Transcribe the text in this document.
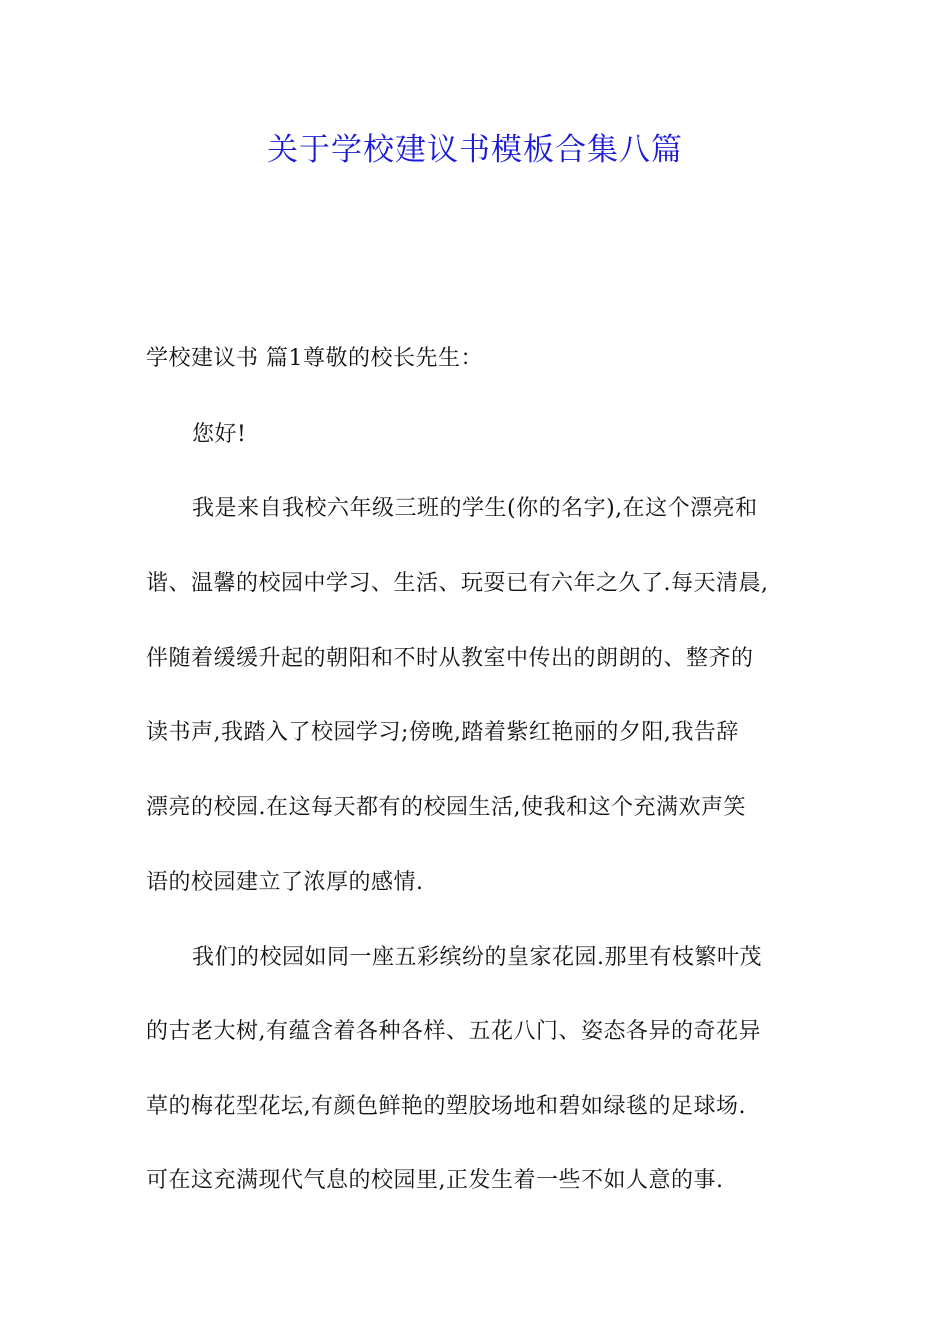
关于学校建议书模板合集八篇

学校建议书 篇1尊敬的校长先生：

您好!

我是来自我校六年级三班的学生(你的名字),在这个漂亮和

谐、温馨的校园中学习、生活、玩耍已有六年之久了.每天清晨,

伴随着缓缓升起的朝阳和不时从教室中传出的朗朗的、整齐的

读书声,我踏入了校园学习;傍晚,踏着紫红艳丽的夕阳,我告辞

漂亮的校园.在这每天都有的校园生活,使我和这个充满欢声笑

语的校园建立了浓厚的感情.

我们的校园如同一座五彩缤纷的皇家花园.那里有枝繁叶茂

的古老大树,有蕴含着各种各样、五花八门、姿态各异的奇花异

草的梅花型花坛,有颜色鲜艳的塑胶场地和碧如绿毯的足球场.

可在这充满现代气息的校园里,正发生着一些不如人意的事.
